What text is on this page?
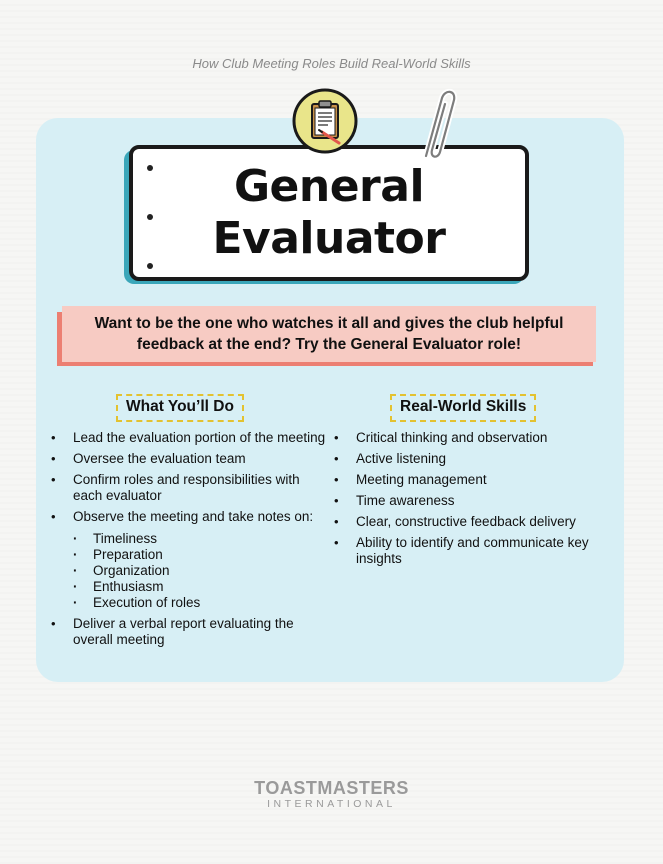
How Club Meeting Roles Build Real-World Skills
General
Evaluator
Want to be the one who watches it all and gives the club helpful feedback at the end? Try the General Evaluator role!
What You’ll Do	Real-World Skills
• Lead the evaluation portion of the meeting
• Oversee the evaluation team
• Confirm roles and responsibilities with each evaluator
• Observe the meeting and take notes on:
· Timeliness
· Preparation
· Organization
· Enthusiasm
· Execution of roles
• Deliver a verbal report evaluating the overall meeting
• Critical thinking and observation
• Active listening
• Meeting management
• Time awareness
• Clear, constructive feedback delivery
• Ability to identify and communicate key insights
TOASTMASTERS
INTERNATIONAL
